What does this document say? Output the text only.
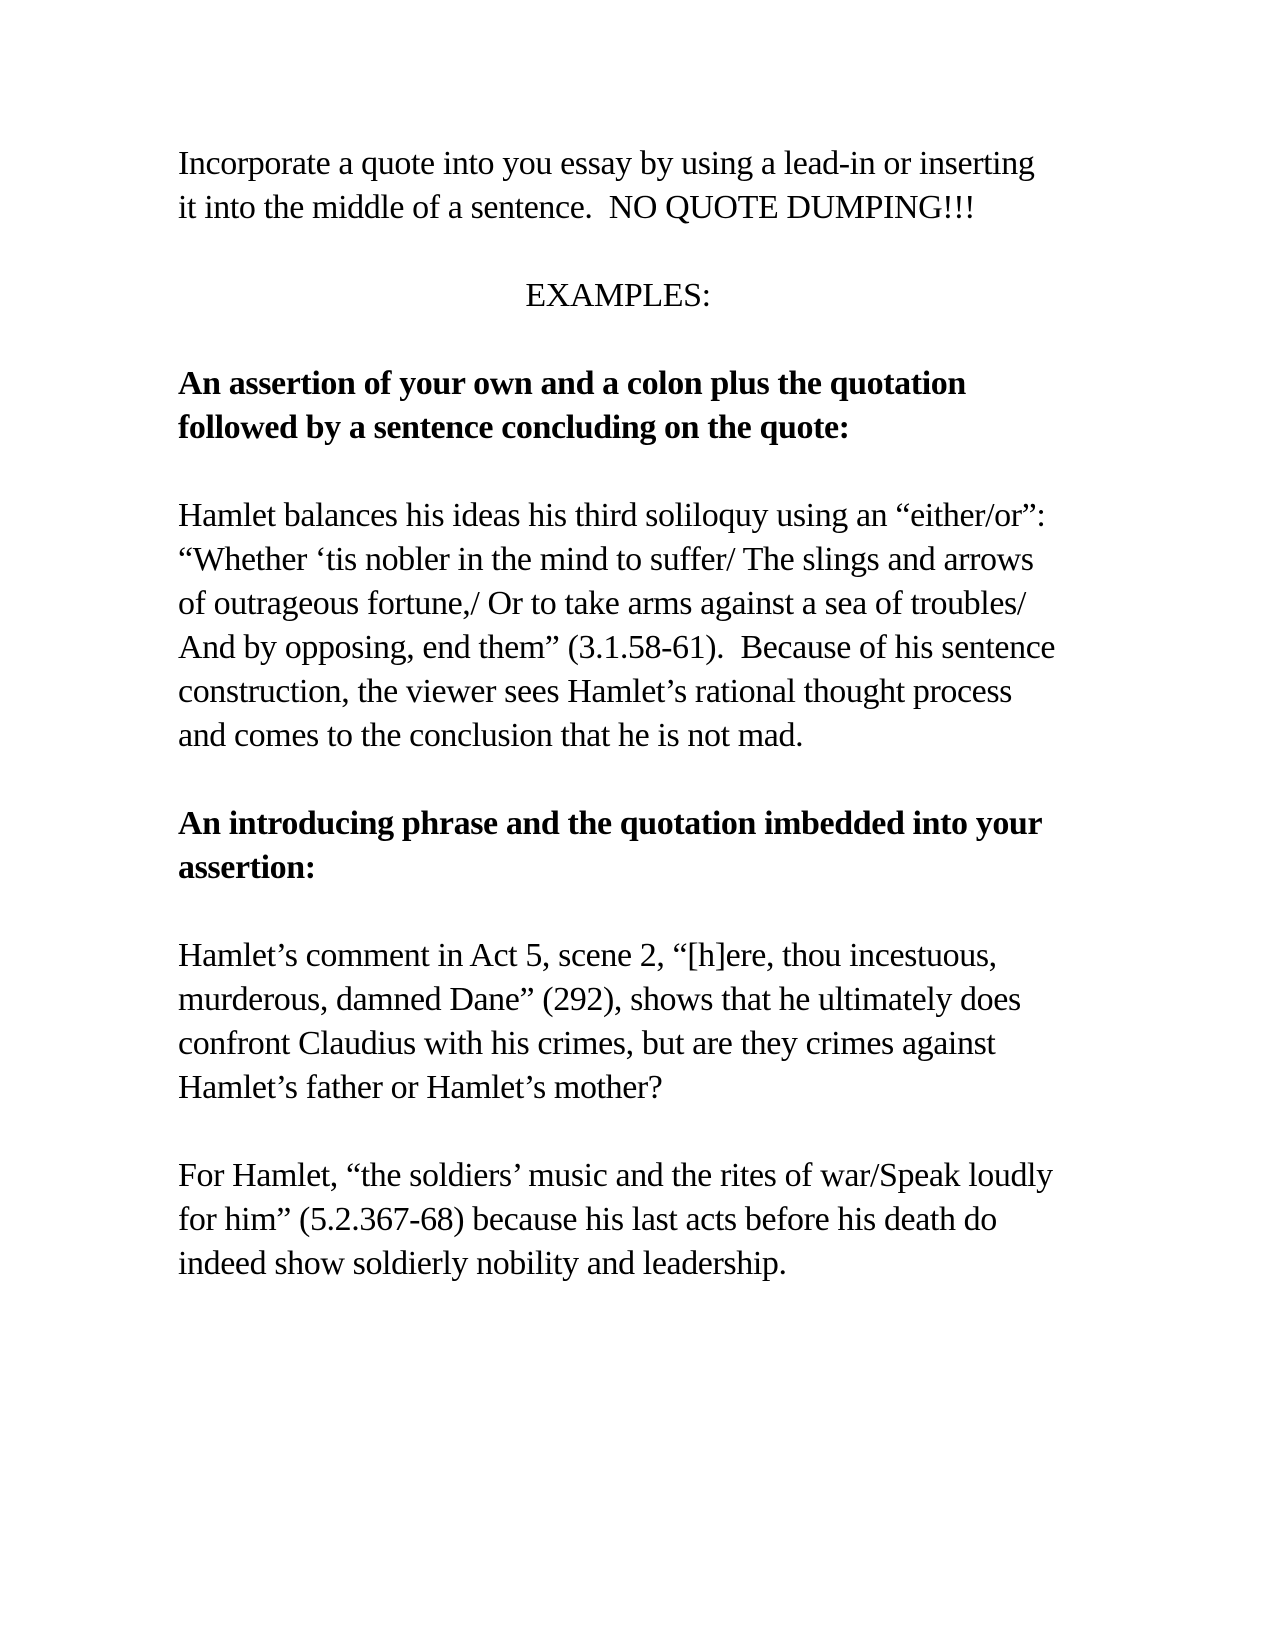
Incorporate a quote into you essay by using a lead-in or inserting it into the middle of a sentence.  NO QUOTE DUMPING!!!

EXAMPLES:

An assertion of your own and a colon plus the quotation followed by a sentence concluding on the quote:

Hamlet balances his ideas his third soliloquy using an “either/or”: “Whether ‘tis nobler in the mind to suffer/ The slings and arrows of outrageous fortune,/ Or to take arms against a sea of troubles/ And by opposing, end them” (3.1.58-61).  Because of his sentence construction, the viewer sees Hamlet’s rational thought process and comes to the conclusion that he is not mad.

An introducing phrase and the quotation imbedded into your assertion:

Hamlet’s comment in Act 5, scene 2, “[h]ere, thou incestuous, murderous, damned Dane” (292), shows that he ultimately does confront Claudius with his crimes, but are they crimes against Hamlet’s father or Hamlet’s mother?

For Hamlet, “the soldiers’ music and the rites of war/Speak loudly for him” (5.2.367-68) because his last acts before his death do indeed show soldierly nobility and leadership.
